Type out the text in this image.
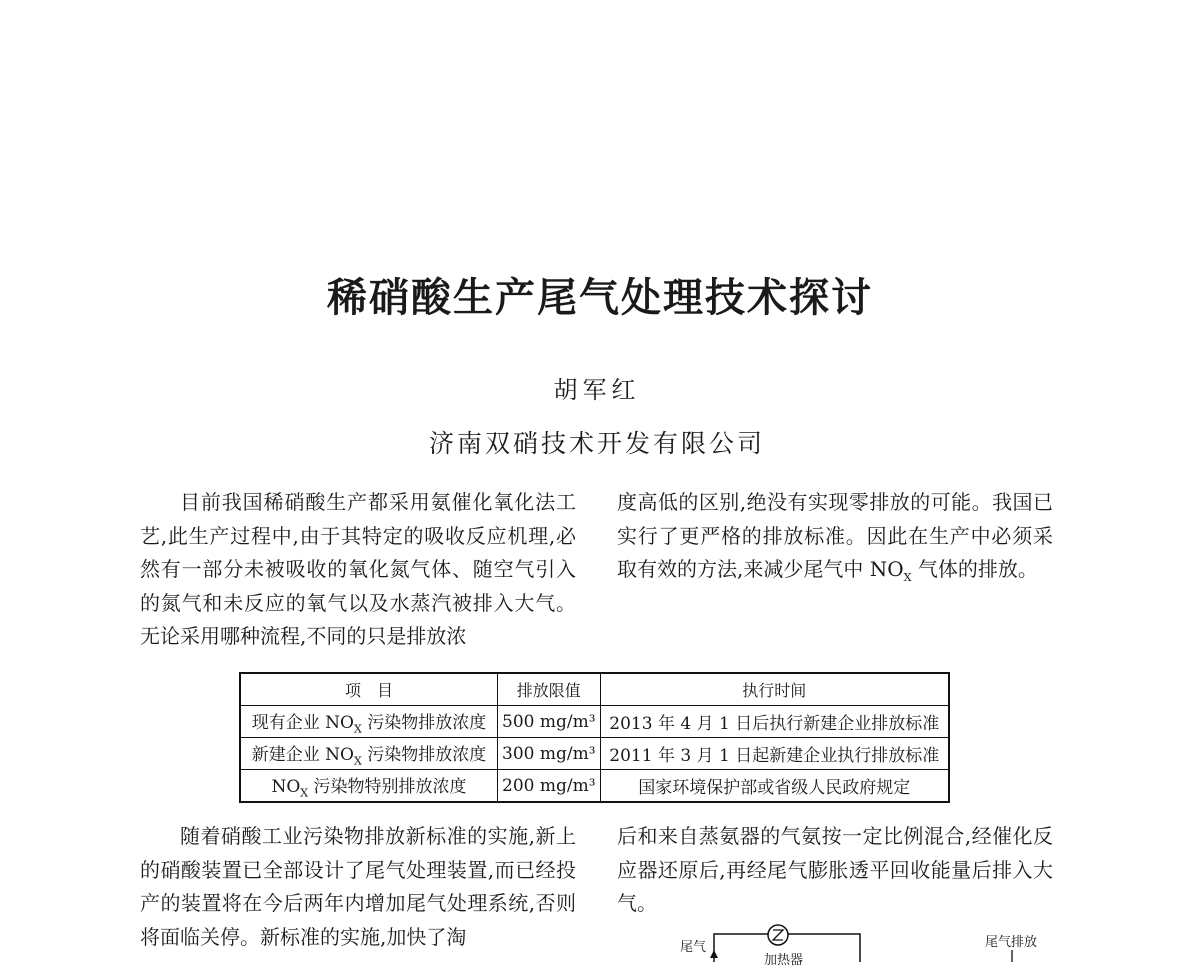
稀硝酸生产尾气处理技术探讨
胡军红
济南双硝技术开发有限公司

目前我国稀硝酸生产都采用氨催化氧化法工艺,此生产过程中,由于其特定的吸收反应机理,必然有一部分未被吸收的氧化氮气体、随空气引入的氮气和未反应的氧气以及水蒸汽被排入大气。无论采用哪种流程,不同的只是排放浓

度高低的区别,绝没有实现零排放的可能。我国已实行了更严格的排放标准。因此在生产中必须采取有效的方法,来减少尾气中 $NO_X$ 气体的排放。

项　目	排放限值	执行时间
现有企业 $NO_X$ 污染物排放浓度	500 mg/m³	2013 年 4 月 1 日后执行新建企业排放标准
新建企业 $NO_X$ 污染物排放浓度	300 mg/m³	2011 年 3 月 1 日起新建企业执行排放标准
$NO_X$ 污染物特别排放浓度	200 mg/m³	国家环境保护部或省级人民政府规定

随着硝酸工业污染物排放新标准的实施,新上的硝酸装置已全部设计了尾气处理装置,而已经投产的装置将在今后两年内增加尾气处理系统,否则将面临关停。新标准的实施,加快了淘

后和来自蒸氨器的气氨按一定比例混合,经催化反应器还原后,再经尾气膨胀透平回收能量后排入大气。

尾气
加热器
尾气排放
